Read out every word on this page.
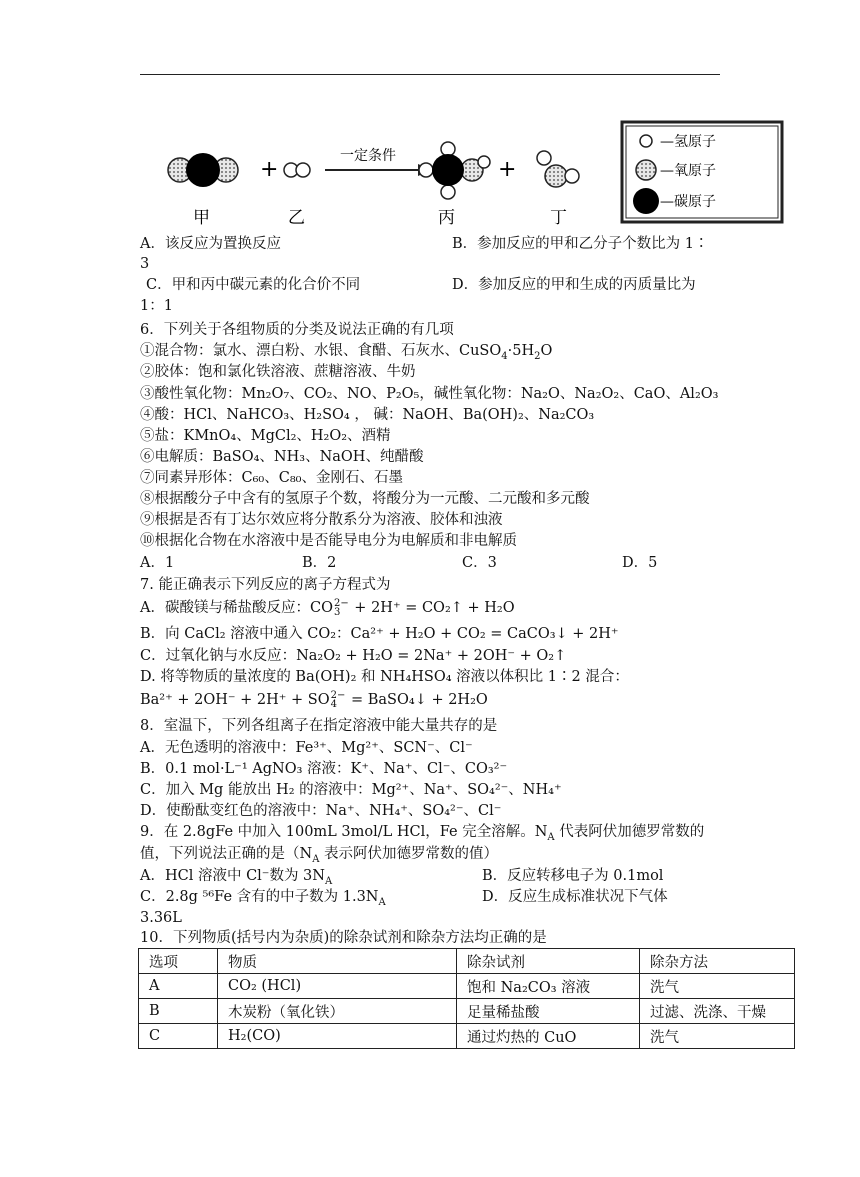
+
一定条件
+
甲	乙	丙	丁
—氢原子
—氧原子
—碳原子
A．该反应为置换反应	B．参加反应的甲和乙分子个数比为 1∶
3
C．甲和丙中碳元素的化合价不同	D．参加反应的甲和生成的丙质量比为
1：1
6．下列关于各组物质的分类及说法正确的有几项
①混合物：氯水、漂白粉、水银、食醋、石灰水、$CuSO_4\cdot 5H_2O$
②胶体：饱和氯化铁溶液、蔗糖溶液、牛奶
③酸性氧化物：Mn₂O₇、CO₂、NO、P₂O₅，碱性氧化物：Na₂O、Na₂O₂、CaO、Al₂O₃
④酸：HCl、NaHCO₃、H₂SO₄ ， 碱：NaOH、Ba(OH)₂、Na₂CO₃
⑤盐：KMnO₄、MgCl₂、H₂O₂、酒精
⑥电解质：BaSO₄、NH₃、NaOH、纯醋酸
⑦同素异形体：C₆₀、C₈₀、金刚石、石墨
⑧根据酸分子中含有的氢原子个数，将酸分为一元酸、二元酸和多元酸
⑨根据是否有丁达尔效应将分散系分为溶液、胶体和浊液
⑩根据化合物在水溶液中是否能导电分为电解质和非电解质
A．1	B．2	C．3	D．5
7. 能正确表示下列反应的离子方程式为
A．碳酸镁与稀盐酸反应：CO2−
3 + 2H⁺ = CO₂↑ + H₂O
B．向 CaCl₂ 溶液中通入 CO₂：Ca²⁺ + H₂O + CO₂ = CaCO₃↓ + 2H⁺
C．过氧化钠与水反应：Na₂O₂ + H₂O = 2Na⁺ + 2OH⁻ + O₂↑
D. 将等物质的量浓度的 Ba(OH)₂ 和 NH₄HSO₄ 溶液以体积比 1∶2 混合：
Ba²⁺ + 2OH⁻ + 2H⁺ + SO2−
4 = BaSO₄↓ + 2H₂O
8．室温下，下列各组离子在指定溶液中能大量共存的是
A．无色透明的溶液中：Fe³⁺、Mg²⁺、SCN⁻、Cl⁻
B．0.1 mol·L⁻¹ AgNO₃ 溶液：K⁺、Na⁺、Cl⁻、CO₃²⁻
C．加入 Mg 能放出 H₂ 的溶液中：Mg²⁺、Na⁺、SO₄²⁻、NH₄⁺
D．使酚酞变红色的溶液中：Na⁺、NH₄⁺、SO₄²⁻、Cl⁻
9．在 2.8gFe 中加入 100mL 3mol/L HCl，Fe 完全溶解。$N_A$ 代表阿伏加德罗常数的
值，下列说法正确的是（$N_A$ 表示阿伏加德罗常数的值）
A．HCl 溶液中 Cl⁻数为 $3N_A$	B．反应转移电子为 0.1mol
C．2.8g ⁵⁶Fe 含有的中子数为 $1.3N_A$	D．反应生成标准状况下气体
3.36L
10．下列物质(括号内为杂质)的除杂试剂和除杂方法均正确的是
选项	物质	除杂试剂	除杂方法
A	CO₂ (HCl)	饱和 Na₂CO₃ 溶液	洗气
B	木炭粉（氧化铁）	足量稀盐酸	过滤、洗涤、干燥
C	H₂(CO)	通过灼热的 CuO	洗气
